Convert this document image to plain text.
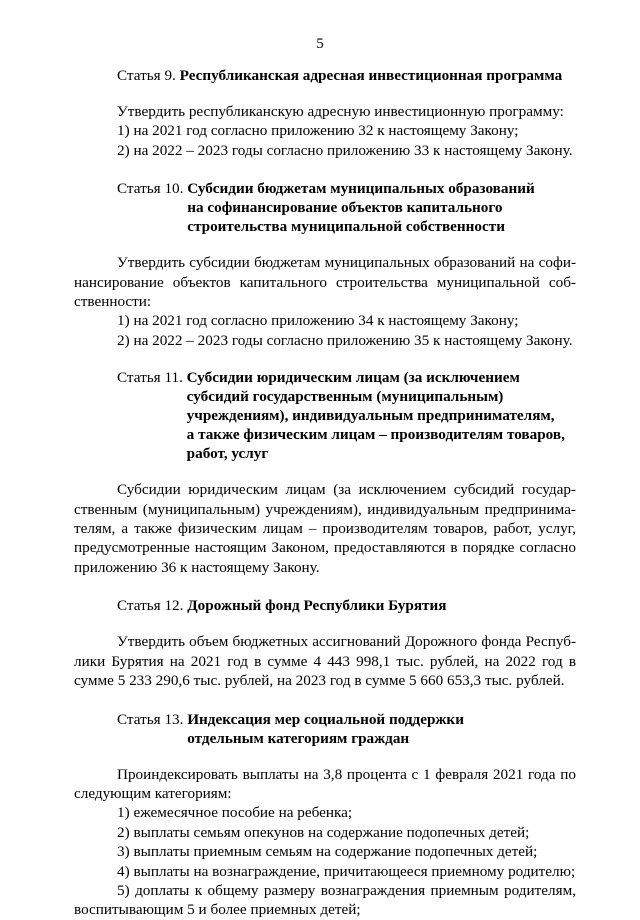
5
Статья 9.
Республиканская адресная инвестиционная программа
Утвердить республиканскую адресную инвестиционную программу:
1) на 2021 год согласно приложению 32 к настоящему Закону;
2) на 2022 – 2023 годы согласно приложению 33 к настоящему Закону.
Статья 10.
Субсидии бюджетам муниципальных образований
на софинансирование объектов капитального
строительства муниципальной собственности
Утвердить субсидии бюджетам муниципальных образований на софи-
нансирование объектов капитального строительства муниципальной соб-
ственности:
1) на 2021 год согласно приложению 34 к настоящему Закону;
2) на 2022 – 2023 годы согласно приложению 35 к настоящему Закону.
Статья 11.
Субсидии юридическим лицам (за исключением
субсидий государственным (муниципальным)
учреждениям), индивидуальным предпринимателям,
а также физическим лицам – производителям товаров,
работ, услуг
Субсидии юридическим лицам (за исключением субсидий государ-
ственным (муниципальным) учреждениям), индивидуальным предпринима-
телям, а также физическим лицам – производителям товаров, работ, услуг,
предусмотренные настоящим Законом, предоставляются в порядке согласно
приложению 36 к настоящему Закону.
Статья 12.
Дорожный фонд Республики Бурятия
Утвердить объем бюджетных ассигнований Дорожного фонда Респуб-
лики Бурятия на 2021 год в сумме 4 443 998,1 тыс. рублей, на 2022 год в
сумме 5 233 290,6 тыс. рублей, на 2023 год в сумме 5 660 653,3 тыс. рублей.
Статья 13.
Индексация мер социальной поддержки
отдельным категориям граждан
Проиндексировать выплаты на 3,8 процента с 1 февраля 2021 года по
следующим категориям:
1) ежемесячное пособие на ребенка;
2) выплаты семьям опекунов на содержание подопечных детей;
3) выплаты приемным семьям на содержание подопечных детей;
4) выплаты на вознаграждение, причитающееся приемному родителю;
5) доплаты к общему размеру вознаграждения приемным родителям,
воспитывающим 5 и более приемных детей;
